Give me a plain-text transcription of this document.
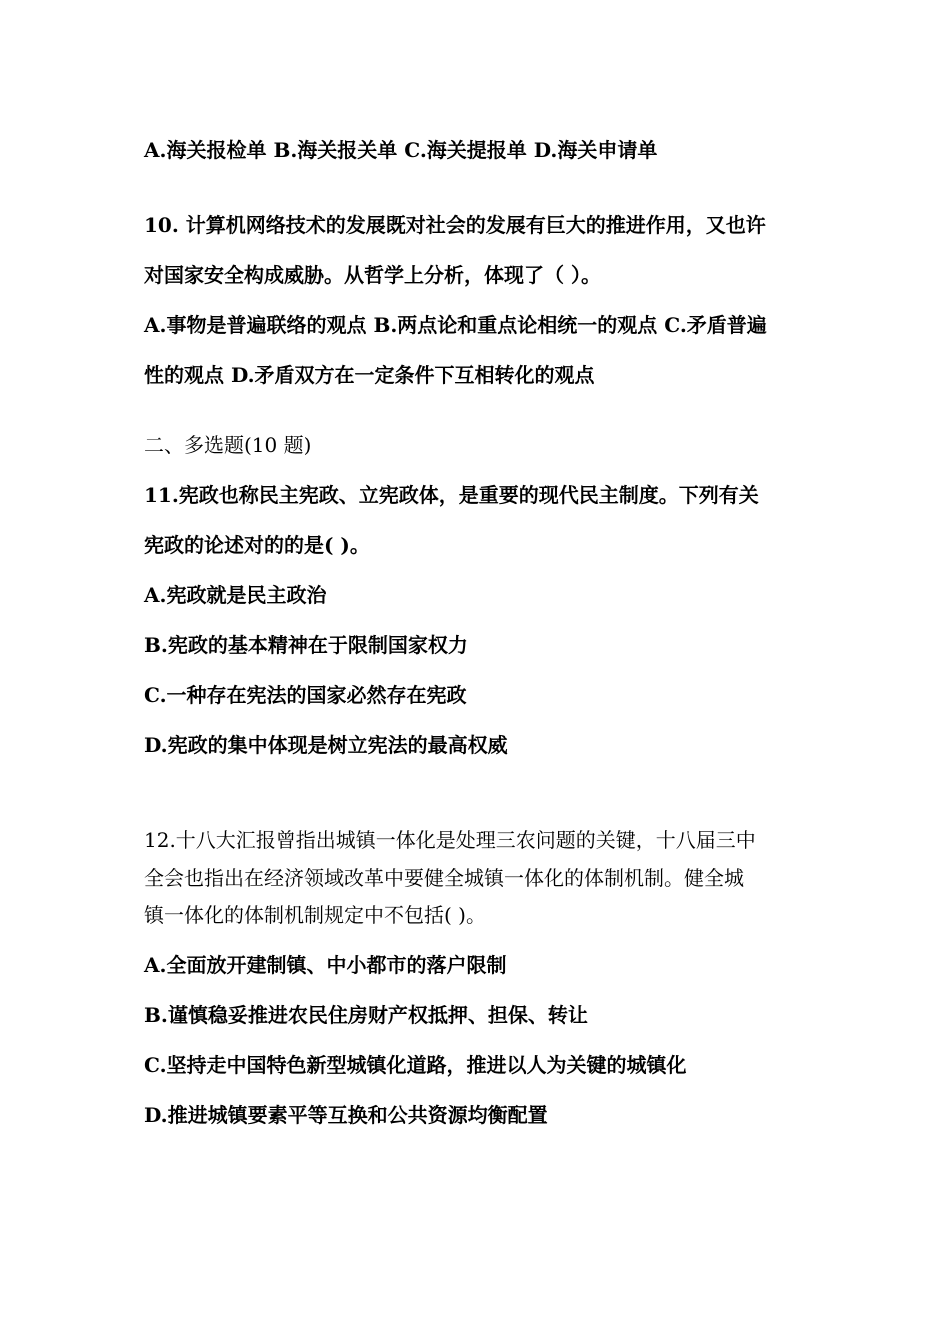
A.海关报检单 B.海关报关单 C.海关提报单 D.海关申请单
10. 计算机网络技术的发展既对社会的发展有巨大的推进作用，又也许
对国家安全构成威胁。从哲学上分析，体现了（ ）。
A.事物是普遍联络的观点 B.两点论和重点论相统一的观点 C.矛盾普遍
性的观点 D.矛盾双方在一定条件下互相转化的观点
二、多选题(10 题)
11.宪政也称民主宪政、立宪政体，是重要的现代民主制度。下列有关
宪政的论述对的的是( )。
A.宪政就是民主政治
B.宪政的基本精神在于限制国家权力
C.一种存在宪法的国家必然存在宪政
D.宪政的集中体现是树立宪法的最高权威
12.十八大汇报曾指出城镇一体化是处理三农问题的关键，十八届三中
全会也指出在经济领域改革中要健全城镇一体化的体制机制。健全城
镇一体化的体制机制规定中不包括( )。
A.全面放开建制镇、中小都市的落户限制
B.谨慎稳妥推进农民住房财产权抵押、担保、转让
C.坚持走中国特色新型城镇化道路，推进以人为关键的城镇化
D.推进城镇要素平等互换和公共资源均衡配置
